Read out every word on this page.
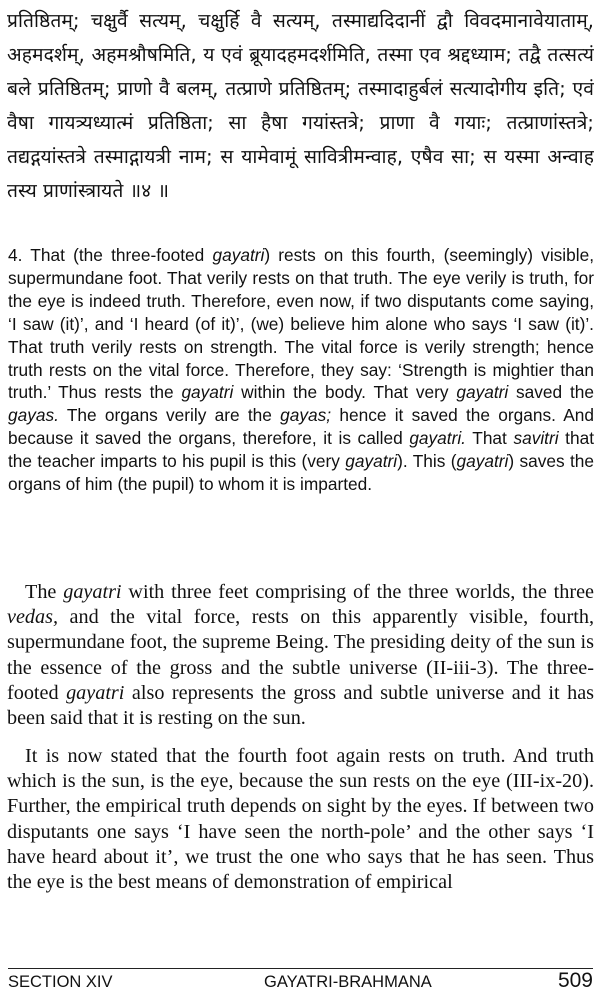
प्रतिष्ठितम्; चक्षुर्वै सत्यम्, चक्षुर्हि वै सत्यम्, तस्माद्यदिदानीं द्वौ विवदमानावेयाताम्, अहमदर्शम्, अहमश्रौषमिति, य एवं ब्रूयादहमदर्शमिति, तस्मा एव श्रद्दध्याम; तद्वै तत्सत्यं बले प्रतिष्ठितम्; प्राणो वै बलम्, तत्प्राणे प्रतिष्ठितम्; तस्मादाहुर्बलं सत्यादोगीय इति; एवं वैषा गायत्र्यध्यात्मं प्रतिष्ठिता; सा हैषा गयांस्तत्रे; प्राणा वै गयाः; तत्प्राणांस्तत्रे; तद्यद्गयांस्तत्रे तस्माद्गायत्री नाम; स यामेवामूं सावित्रीमन्वाह, एषैव सा; स यस्मा अन्वाह तस्य प्राणांस्त्रायते ॥४ ॥

4. That (the three-footed gayatri) rests on this fourth, (seemingly) visible, supermundane foot. That verily rests on that truth. The eye verily is truth, for the eye is indeed truth. Therefore, even now, if two disputants come saying, ‘I saw (it)’, and ‘I heard (of it)’, (we) believe him alone who says ‘I saw (it)’. That truth verily rests on strength. The vital force is verily strength; hence truth rests on the vital force. Therefore, they say: ‘Strength is mightier than truth.’ Thus rests the gayatri within the body. That very gayatri saved the gayas. The organs verily are the gayas; hence it saved the organs. And because it saved the organs, therefore, it is called gayatri. That savitri that the teacher imparts to his pupil is this (very gayatri). This (gayatri) saves the organs of him (the pupil) to whom it is imparted.

The gayatri with three feet comprising of the three worlds, the three vedas, and the vital force, rests on this apparently visible, fourth, supermundane foot, the supreme Being. The presiding deity of the sun is the essence of the gross and the subtle universe (II-iii-3). The three-footed gayatri also represents the gross and subtle universe and it has been said that it is resting on the sun.

It is now stated that the fourth foot again rests on truth. And truth which is the sun, is the eye, because the sun rests on the eye (III-ix-20). Further, the empirical truth depends on sight by the eyes. If between two disputants one says ‘I have seen the north-pole’ and the other says ‘I have heard about it’, we trust the one who says that he has seen. Thus the eye is the best means of demonstration of empirical

SECTION XIV	GAYATRI-BRAHMANA	509
